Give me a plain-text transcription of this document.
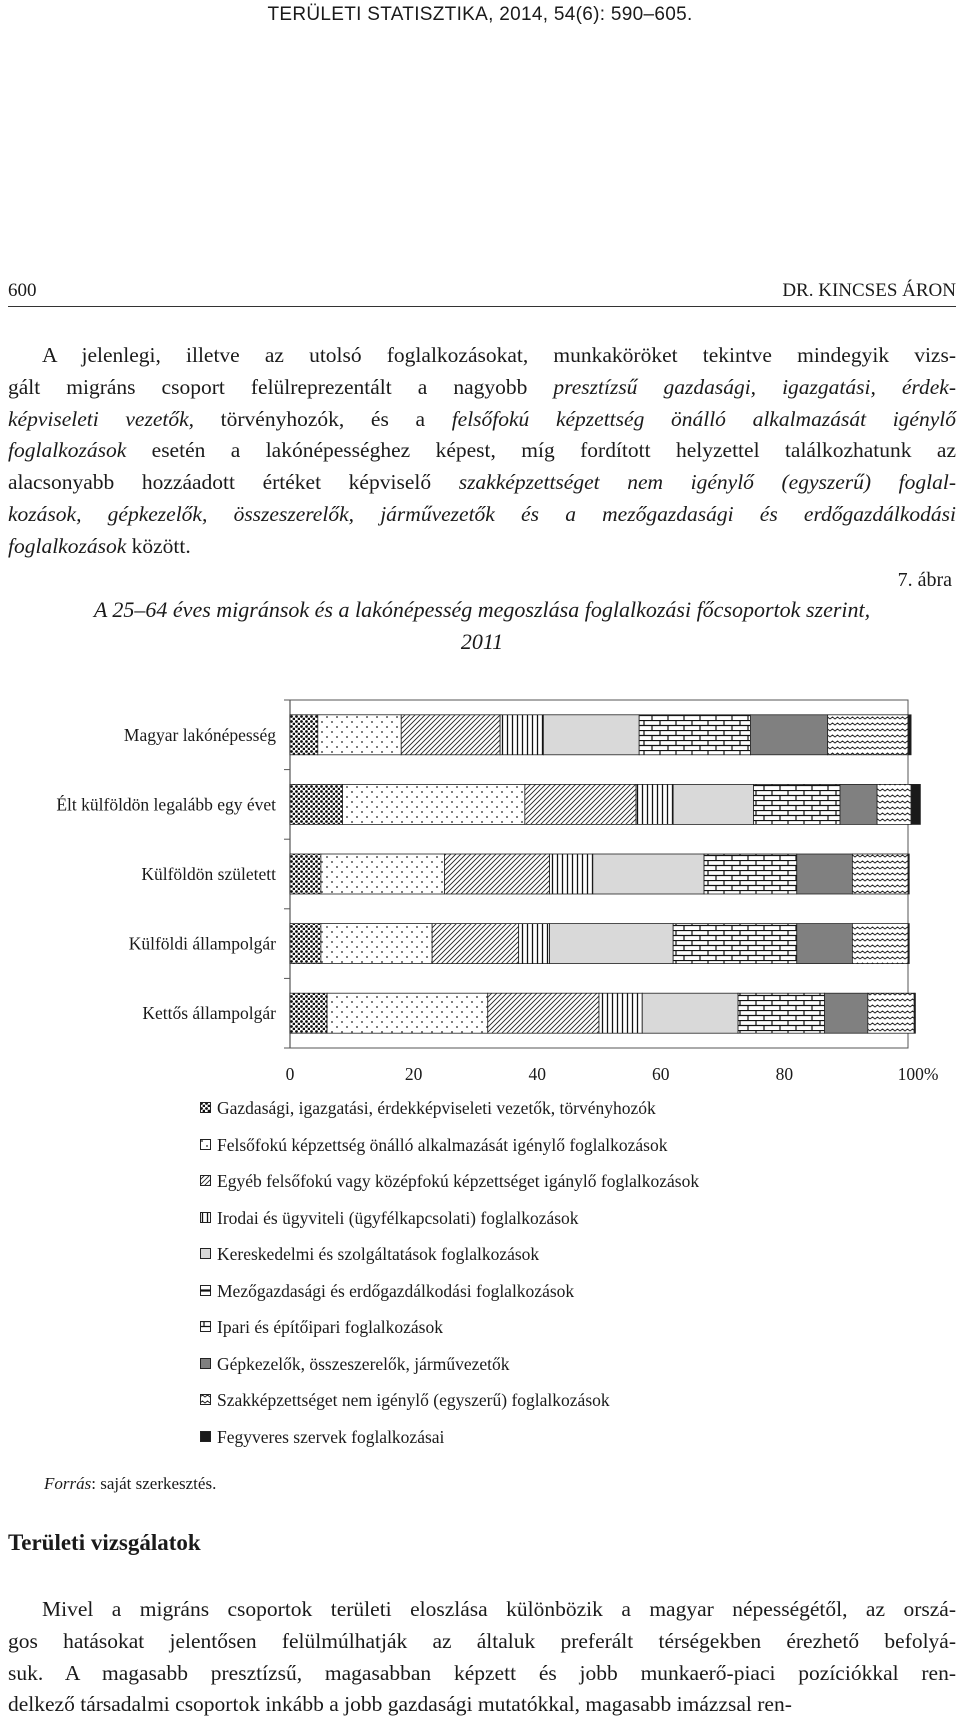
TERÜLETI STATISZTIKA, 2014, 54(6): 590–605.
600	DR. KINCSES ÁRON
A jelenlegi, illetve az utolsó foglalkozásokat, munkaköröket tekintve mindegyik vizs-
gált migráns csoport felülreprezentált a nagyobb presztízsű gazdasági, igazgatási, érdek-
képviseleti vezetők, törvényhozók, és a felsőfokú képzettség önálló alkalmazását igénylő
foglalkozások esetén a lakónépességhez képest, míg fordított helyzettel találkozhatunk az
alacsonyabb hozzáadott értéket képviselő szakképzettséget nem igénylő (egyszerű) foglal-
kozások, gépkezelők, összeszerelők, járművezetők és a mezőgazdasági és erdőgazdálkodási
foglalkozások között.
7. ábra
A 25–64 éves migránsok és a lakónépesség megoszlása foglalkozási főcsoportok szerint,
2011
Magyar lakónépesség
Élt külföldön legalább egy évet
Külföldön született
Külföldi állampolgár
Kettős állampolgár
0	20	40	60	80	100%
Gazdasági, igazgatási, érdekképviseleti vezetők, törvényhozók
Felsőfokú képzettség önálló alkalmazását igénylő foglalkozások
Egyéb felsőfokú vagy középfokú képzettséget igánylő foglalkozások
Irodai és ügyviteli (ügyfélkapcsolati) foglalkozások
Kereskedelmi és szolgáltatások foglalkozások
Mezőgazdasági és erdőgazdálkodási foglalkozások
Ipari és építőipari foglalkozások
Gépkezelők, összeszerelők, járművezetők
Szakképzettséget nem igénylő (egyszerű) foglalkozások
Fegyveres szervek foglalkozásai
Forrás: saját szerkesztés.
Területi vizsgálatok
Mivel a migráns csoportok területi eloszlása különbözik a magyar népességétől, az orszá-
gos hatásokat jelentősen felülmúlhatják az általuk preferált térségekben érezhető befolyá-
suk. A magasabb presztízsű, magasabban képzett és jobb munkaerő-piaci pozíciókkal ren-
delkező társadalmi csoportok inkább a jobb gazdasági mutatókkal, magasabb imázzsal ren-
